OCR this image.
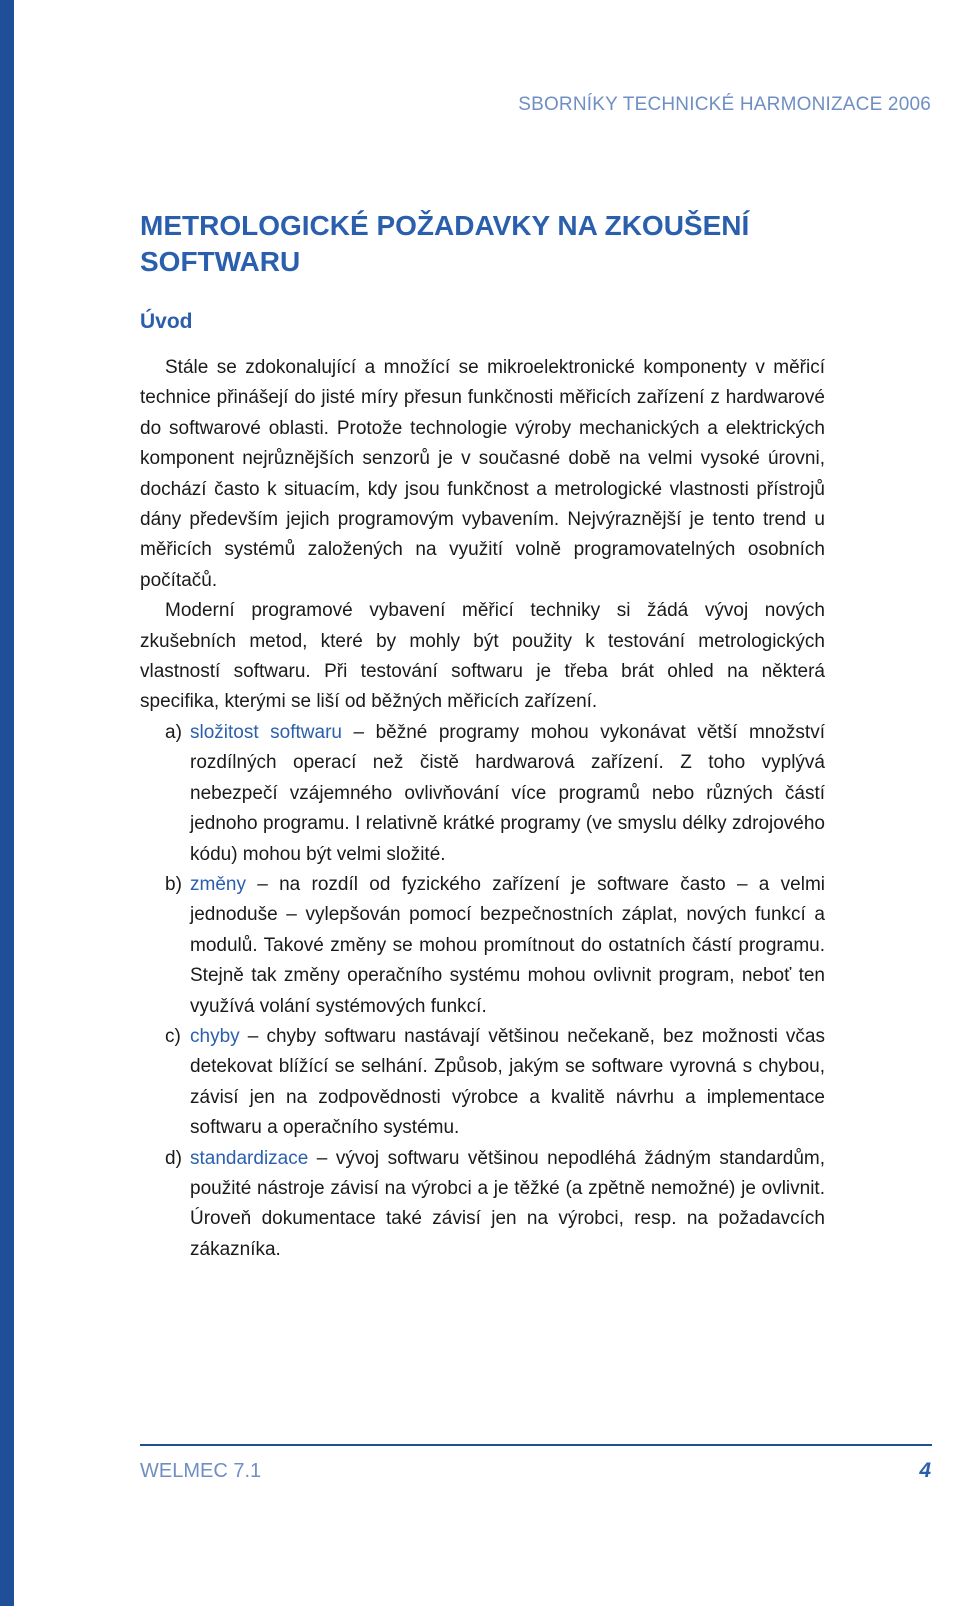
SBORNÍKY TECHNICKÉ HARMONIZACE 2006
METROLOGICKÉ POŽADAVKY NA ZKOUŠENÍ SOFTWARU
Úvod

Stále se zdokonalující a množící se mikroelektronické komponenty v měřicí technice přinášejí do jisté míry přesun funkčnosti měřicích zařízení z hardwarové do softwarové oblasti. Protože technologie výroby mechanických a elektrických komponent nejrůznějších senzorů je v současné době na velmi vysoké úrovni, dochází často k situacím, kdy jsou funkčnost a metrologické vlastnosti přístrojů dány především jejich programovým vybavením. Nejvýraznější je tento trend u měřicích systémů založených na využití volně programovatelných osobních počítačů.

Moderní programové vybavení měřicí techniky si žádá vývoj nových zkušebních metod, které by mohly být použity k testování metrologických vlastností softwaru. Při testování softwaru je třeba brát ohled na některá specifika, kterými se liší od běžných měřicích zařízení.

a) složitost softwaru – běžné programy mohou vykonávat větší množství rozdílných operací než čistě hardwarová zařízení. Z toho vyplývá nebezpečí vzájemného ovlivňování více programů nebo různých částí jednoho programu. I relativně krátké programy (ve smyslu délky zdrojového kódu) mohou být velmi složité.
b) změny – na rozdíl od fyzického zařízení je software často – a velmi jednoduše – vylepšován pomocí bezpečnostních záplat, nových funkcí a modulů. Takové změny se mohou promítnout do ostatních částí programu. Stejně tak změny operačního systému mohou ovlivnit program, neboť ten využívá volání systémových funkcí.
c) chyby – chyby softwaru nastávají většinou nečekaně, bez možnosti včas detekovat blížící se selhání. Způsob, jakým se software vyrovná s chybou, závisí jen na zodpovědnosti výrobce a kvalitě návrhu a implementace softwaru a operačního systému.
d) standardizace – vývoj softwaru většinou nepodléhá žádným standardům, použité nástroje závisí na výrobci a je těžké (a zpětně nemožné) je ovlivnit. Úroveň dokumentace také závisí jen na výrobci, resp. na požadavcích zákazníka.
WELMEC 7.1	4
